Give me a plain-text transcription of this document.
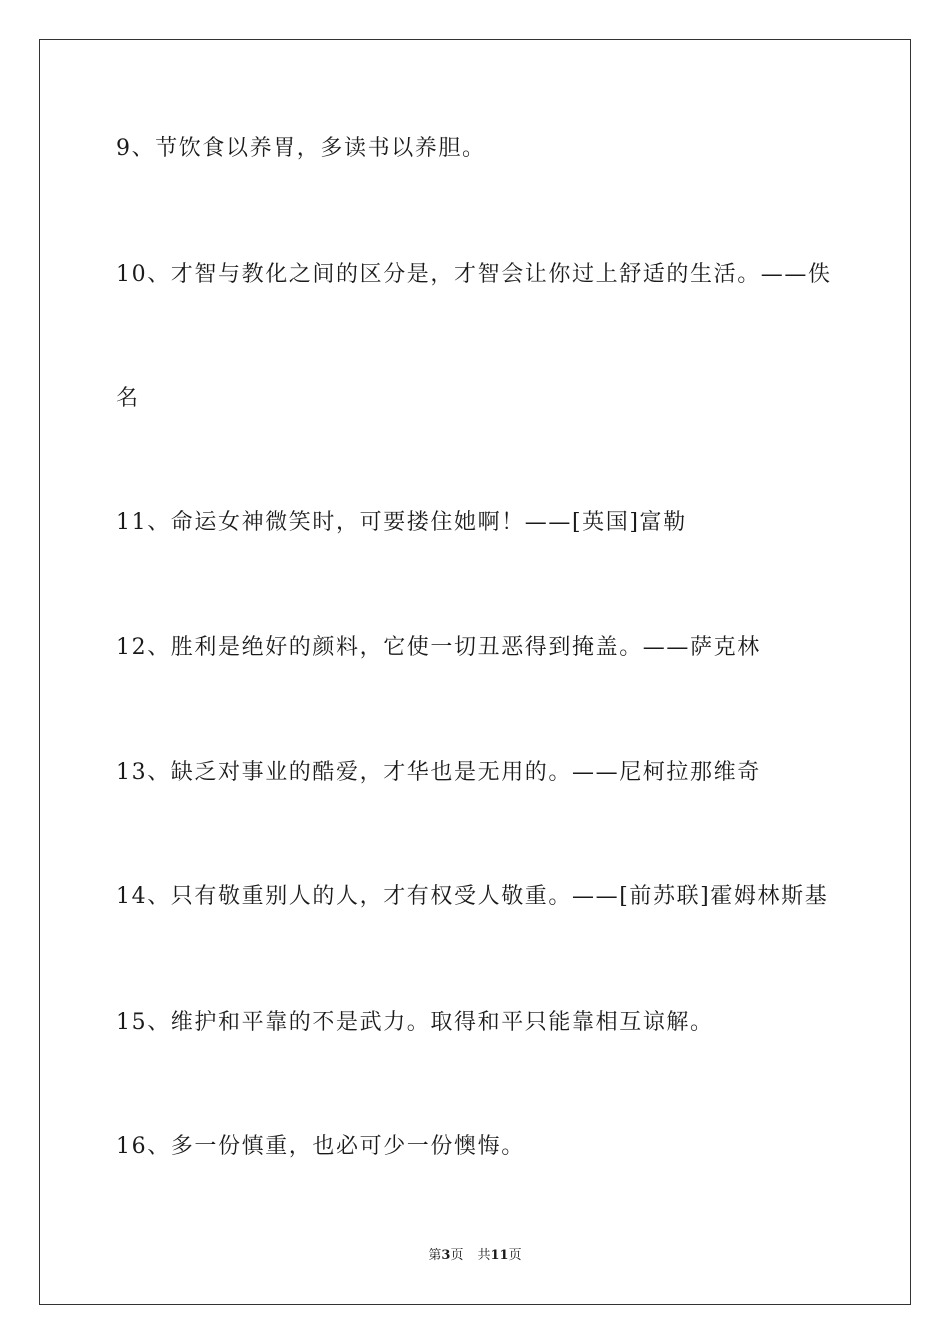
9、节饮食以养胃，多读书以养胆。
10、才智与教化之间的区分是，才智会让你过上舒适的生活。——佚
名
11、命运女神微笑时，可要搂住她啊！——[英国]富勒
12、胜利是绝好的颜料，它使一切丑恶得到掩盖。——萨克林
13、缺乏对事业的酷爱，才华也是无用的。——尼柯拉那维奇
14、只有敬重别人的人，才有权受人敬重。——[前苏联]霍姆林斯基
15、维护和平靠的不是武力。取得和平只能靠相互谅解。
16、多一份慎重，也必可少一份懊悔。
第3页 共11页
